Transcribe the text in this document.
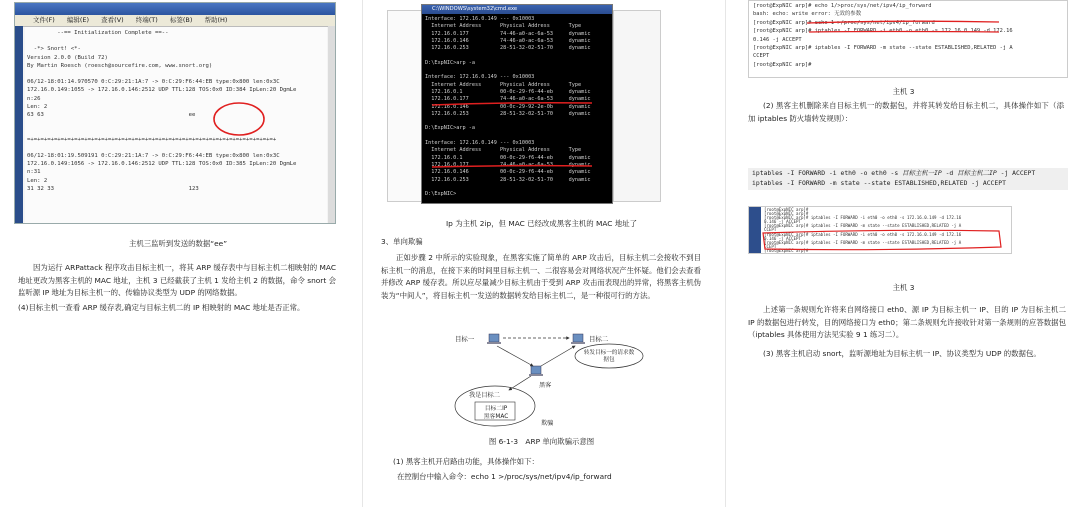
文件(F) 编辑(E) 查看(V) 终端(T) 标签(B) 帮助(H)
--== Initialization Complete ==--

-*> Snort! <*-
Version 2.0.0 (Build 72)
By Martin Roesch (roesch@sourcefire.com, www.snort.org)

06/12-18:01:14.970570 0:C:29:21:1A:7 -> 0:C:29:F6:44:EB type:0x800 len:0x3C
172.16.0.149:1055 -> 172.16.0.146:2512 UDP TTL:128 TOS:0x0 ID:384 IpLen:20 DgmLe
n:26
Len: 2
63 63                                           ee

=+=+=+=+=+=+=+=+=+=+=+=+=+=+=+=+=+=+=+=+=+=+=+=+=+=+=+=+=+=+=+=+=+=+=+=+=+

06/12-18:01:19.509191 0:C:29:21:1A:7 -> 0:C:29:F6:44:EB type:0x800 len:0x3C
172.16.0.149:1056 -> 172.16.0.146:2512 UDP TTL:128 TOS:0x0 ID:385 IpLen:20 DgmLe
n:31
Len: 2
31 32 33                                        123
主机三监听到发送的数据“ee”
因为运行 ARPattack 程序攻击目标主机一，将其 ARP 缓存表中与目标主机二相映射的 MAC 地址更改为黑客主机的 MAC 地址，主机 3 已经截获了主机 1 发给主机 2 的数据，命令 snort 会监听源 IP 地址为目标主机一的、传输协议类型为 UDP 的网络数据。
(4)目标主机一查看 ARP 缓存表,确定与目标主机二的 IP 相映射的 MAC 地址是否正常。
C:\WINDOWS\system32\cmd.exe
Interface: 172.16.0.149 --- 0x10003
Internet Address      Physical Address      Type
172.16.0.177          74-46-a0-ac-6a-53     dynamic
172.16.0.146          74-46-a0-ac-6a-53     dynamic
172.16.0.253          28-51-32-02-51-70     dynamic

D:\ExpNIC>arp -a

Interface: 172.16.0.149 --- 0x10003
Internet Address      Physical Address      Type
172.16.0.1            00-0c-29-f6-44-eb     dynamic
172.16.0.177          74-46-a0-ac-6a-53     dynamic
172.16.0.146          00-0c-29-92-2e-0b     dynamic
172.16.0.253          28-51-32-02-51-70     dynamic

D:\ExpNIC>arp -a

Interface: 172.16.0.149 --- 0x10003
Internet Address      Physical Address      Type
172.16.0.1            00-0c-29-f6-44-eb     dynamic
172.16.0.177          74-46-a0-ac-6a-53     dynamic
172.16.0.146          00-0c-29-f6-44-eb     dynamic
172.16.0.253          28-51-32-02-51-70     dynamic

D:\ExpNIC>
Ip 为主机 2ip，但 MAC 已经改成黑客主机的 MAC 地址了
3、单向欺骗
正如步骤 2 中所示的实验现象，在黑客实施了简单的 ARP 攻击后，目标主机二会接收不到目标主机一的消息，在接下来的时间里目标主机一、二很容易会对网络状况产生怀疑。他们会去查看并修改 ARP 缓存表。所以应尽量减少目标主机由于受到 ARP 攻击而表现出的异常，将黑客主机伪装为“中间人”，将目标主机一发送的数据转发给目标主机二，是一种很可行的方法。
目标一	目标二
转发目标一的请求数据包
黑客
我是目标二
目标二IP
黑客MAC
欺骗
图 6-1-3　ARP 单向欺骗示意图
(1) 黑客主机开启路由功能，具体操作如下：
在控制台中输入命令：echo 1 >/proc/sys/net/ipv4/ip_forward
[root@ExpNIC arp]# echo 1/>proc/sys/net/ipv4/ip_forward
bash: echo: write error: 无效的参数
[root@ExpNIC arp]# echo 1 >/proc/sys/net/ipv4/ip_forward
[root@ExpNIC arp]# iptables -I FORWARD -i eth0 -o eth0 -s 172.16.0.149 -d 172.16
0.146 -j ACCEPT
[root@ExpNIC arp]# iptables -I FORWARD -m state --state ESTABLISHED,RELATED -j A
CCEPT
[root@ExpNIC arp]#
主机 3
(2) 黑客主机删除来自目标主机一的数据包，并将其转发给目标主机二，具体操作如下（添加 iptables 防火墙转发规则）：
iptables -I FORWARD -i eth0 -o eth0 -s 目标主机一IP -d 目标主机二IP -j ACCEPT
iptables -I FORWARD -m state --state ESTABLISHED,RELATED -j ACCEPT
[root@ExpNIC arp]#
[root@ExpNIC arp]#
[root@ExpNIC arp]# iptables -I FORWARD -i eth0 -o eth0 -s 172.16.0.149 -d 172.16
0.146 -j ACCEPT
[root@ExpNIC arp]# iptables -I FORWARD -m state --state ESTABLISHED,RELATED -j A
CCEPT
[root@ExpNIC arp]# iptables -I FORWARD -i eth0 -o eth0 -s 172.16.0.149 -d 172.16
0.146 -j ACCEPT
[root@ExpNIC arp]# iptables -I FORWARD -m state --state ESTABLISHED,RELATED -j A
CCEPT
[root@ExpNIC arp]#
主机 3
上述第一条规则允许将来自网络接口 eth0、源 IP 为目标主机一 IP、目的 IP 为目标主机二 IP 的数据包进行转发，目的网络接口为 eth0；第二条规则允许接收针对第一条规则的应答数据包（iptables 具体使用方法见实验 9 1 练习二）。
(3) 黑客主机启动 snort，监听源地址为目标主机一 IP、协议类型为 UDP 的数据包。
